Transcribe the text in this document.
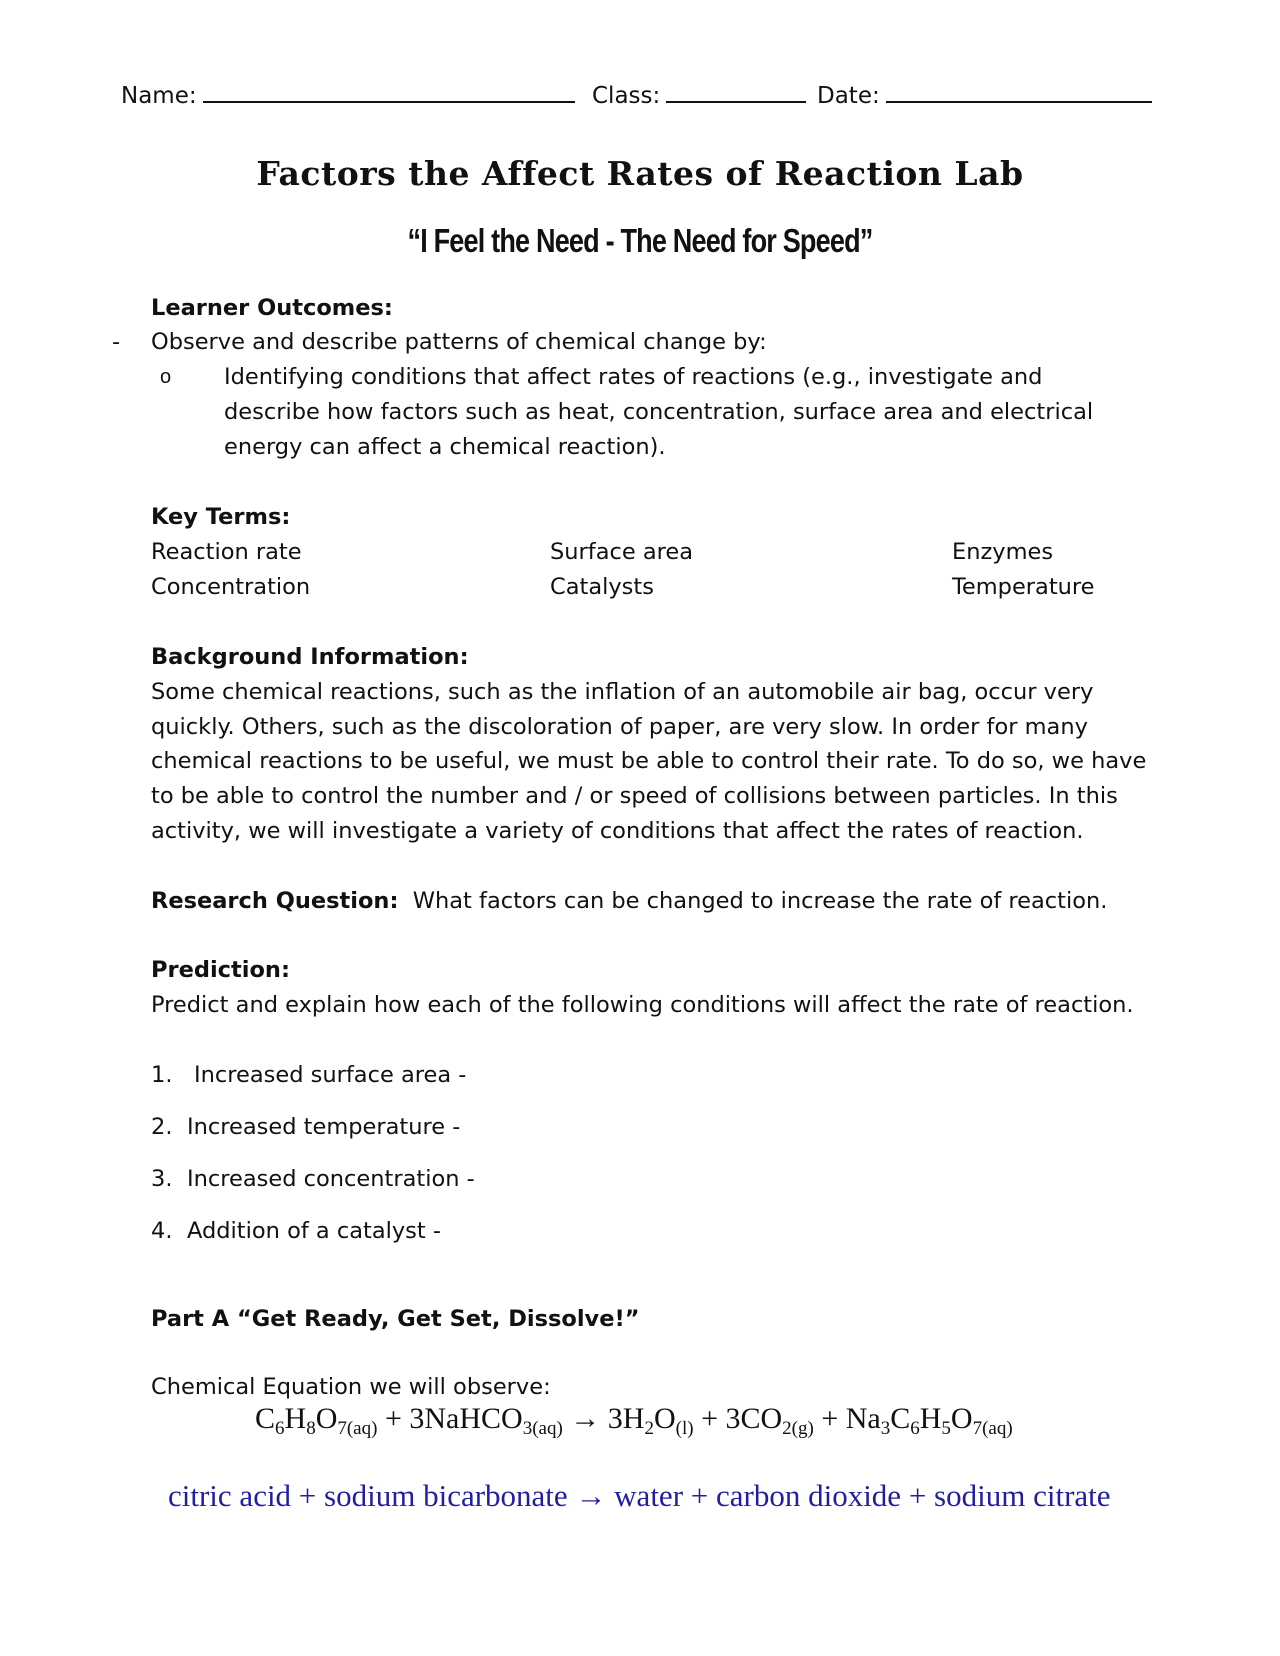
Name:	Class:	Date:
Factors the Affect Rates of Reaction Lab
“I Feel the Need - The Need for Speed”
Learner Outcomes:
- Observe and describe patterns of chemical change by:
o Identifying conditions that affect rates of reactions (e.g., investigate and
describe how factors such as heat, concentration, surface area and electrical
energy can affect a chemical reaction).
Key Terms:
Reaction rate	Surface area	Enzymes
Concentration	Catalysts	Temperature
Background Information:
Some chemical reactions, such as the inflation of an automobile air bag, occur very
quickly. Others, such as the discoloration of paper, are very slow. In order for many
chemical reactions to be useful, we must be able to control their rate. To do so, we have
to be able to control the number and / or speed of collisions between particles. In this
activity, we will investigate a variety of conditions that affect the rates of reaction.
Research Question: What factors can be changed to increase the rate of reaction.
Prediction:
Predict and explain how each of the following conditions will affect the rate of reaction.
1. Increased surface area -
2. Increased temperature -
3. Increased concentration -
4. Addition of a catalyst -
Part A “Get Ready, Get Set, Dissolve!”
Chemical Equation we will observe:
$C_6H_8O_{7(aq)}$ + 3NaHCO$_{3(aq)}$ → $3H_2O_{(l)} + 3CO_{2(g)} + Na_3C_6H_5O_{7(aq)}$
citric acid + sodium bicarbonate → water + carbon dioxide + sodium citrate
